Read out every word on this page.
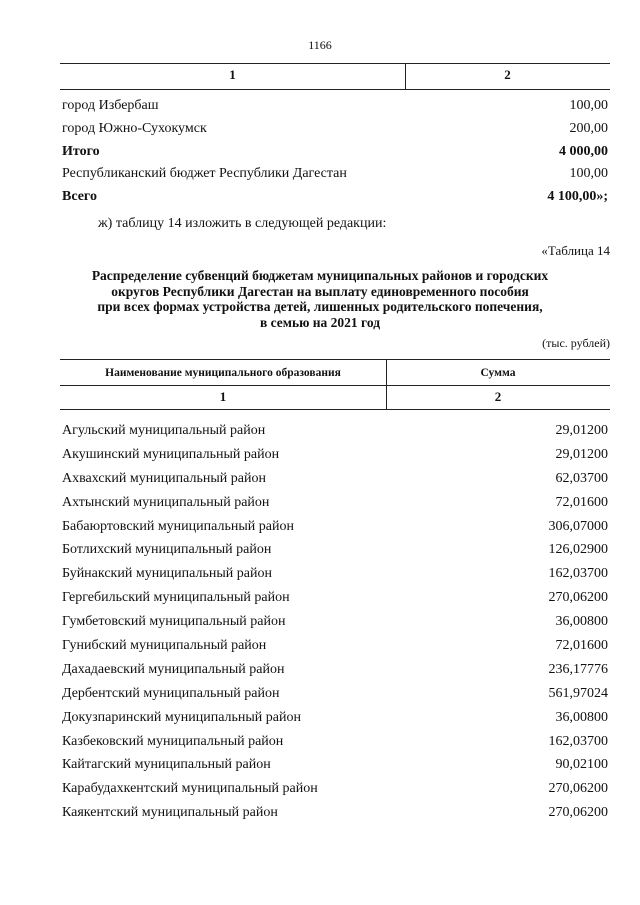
1166
1	2
город Избербаш	100,00
город Южно-Сухокумск	200,00
Итого	4 000,00
Республиканский бюджет Республики Дагестан	100,00
Всего	4 100,00»;
ж) таблицу 14 изложить в следующей редакции:
«Таблица 14
Распределение субвенций бюджетам муниципальных районов и городских
округов Республики Дагестан на выплату единовременного пособия
при всех формах устройства детей, лишенных родительского попечения,
в семью на 2021 год
(тыс. рублей)
Наименование муниципального образования	Сумма
1	2
Агульский муниципальный район	29,01200
Акушинский муниципальный район	29,01200
Ахвахский муниципальный район	62,03700
Ахтынский муниципальный район	72,01600
Бабаюртовский муниципальный район	306,07000
Ботлихский муниципальный район	126,02900
Буйнакский муниципальный район	162,03700
Гергебильский муниципальный район	270,06200
Гумбетовский муниципальный район	36,00800
Гунибский муниципальный район	72,01600
Дахадаевский муниципальный район	236,17776
Дербентский муниципальный район	561,97024
Докузпаринский муниципальный район	36,00800
Казбековский муниципальный район	162,03700
Кайтагский муниципальный район	90,02100
Карабудахкентский муниципальный район	270,06200
Каякентский муниципальный район	270,06200
